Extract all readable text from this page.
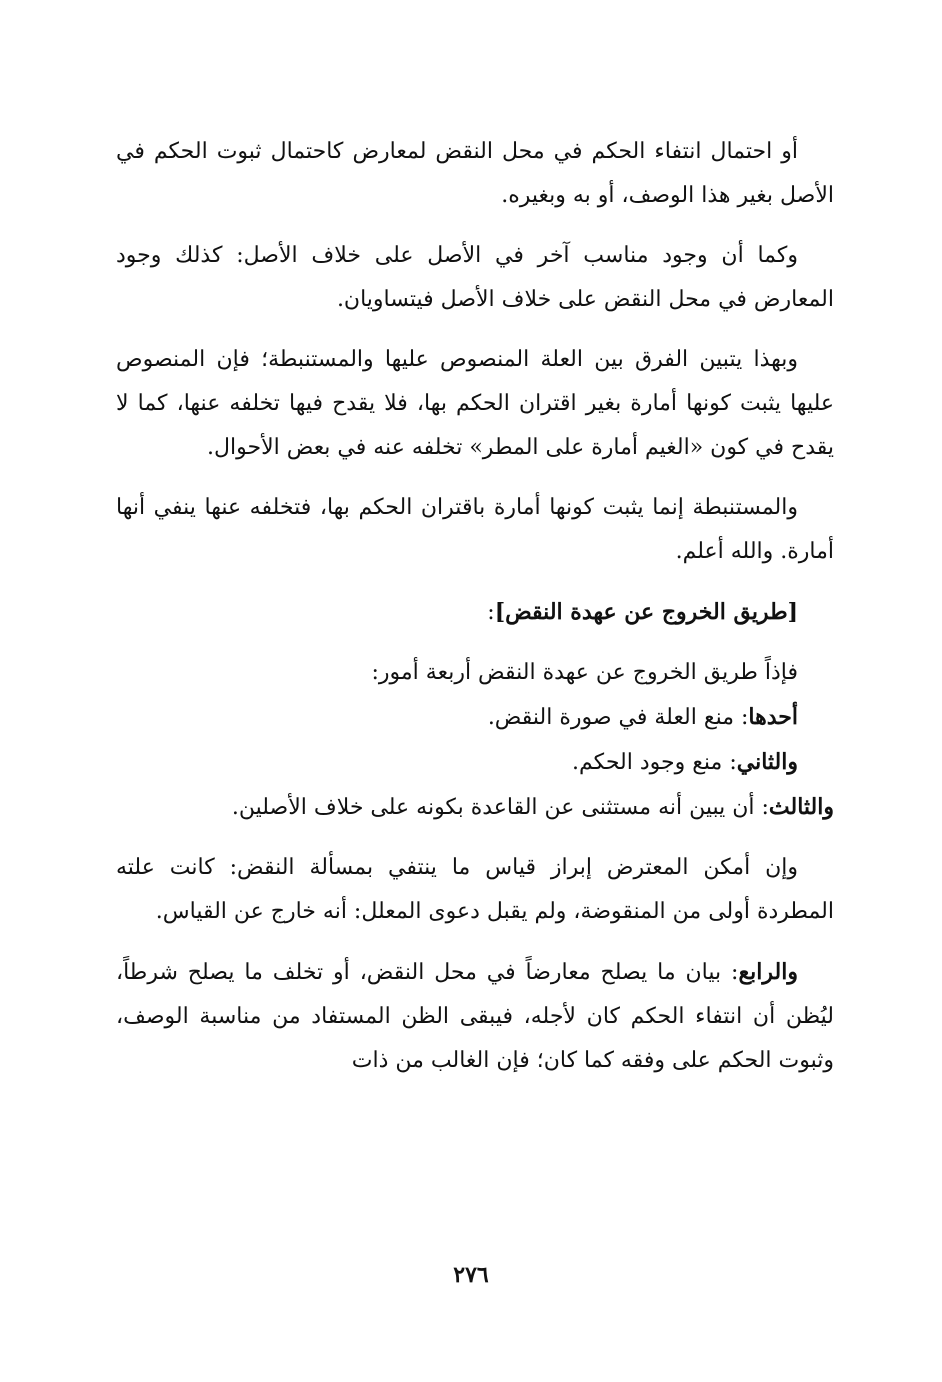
أو احتمال انتفاء الحكم في محل النقض لمعارض كاحتمال ثبوت الحكم في الأصل بغير هذا الوصف، أو به وبغيره.

وكما أن وجود مناسب آخر في الأصل على خلاف الأصل: كذلك وجود المعارض في محل النقض على خلاف الأصل فيتساويان.

وبهذا يتبين الفرق بين العلة المنصوص عليها والمستنبطة؛ فإن المنصوص عليها يثبت كونها أمارة بغير اقتران الحكم بها، فلا يقدح فيها تخلفه عنها، كما لا يقدح في كون «الغيم أمارة على المطر» تخلفه عنه في بعض الأحوال.

والمستنبطة إنما يثبت كونها أمارة باقتران الحكم بها، فتخلفه عنها ينفي أنها أمارة. والله أعلم.

[طريق الخروج عن عهدة النقض]:

فإذاً طريق الخروج عن عهدة النقض أربعة أمور:

أحدها: منع العلة في صورة النقض.

والثاني: منع وجود الحكم.

والثالث: أن يبين أنه مستثنى عن القاعدة بكونه على خلاف الأصلين.

وإن أمكن المعترض إبراز قياس ما ينتفي بمسألة النقض: كانت علته المطردة أولى من المنقوضة، ولم يقبل دعوى المعلل: أنه خارج عن القياس.

والرابع: بيان ما يصلح معارضاً في محل النقض، أو تخلف ما يصلح شرطاً، ليُظن أن انتفاء الحكم كان لأجله، فيبقى الظن المستفاد من مناسبة الوصف، وثبوت الحكم على وفقه كما كان؛ فإن الغالب من ذات

٢٧٦
